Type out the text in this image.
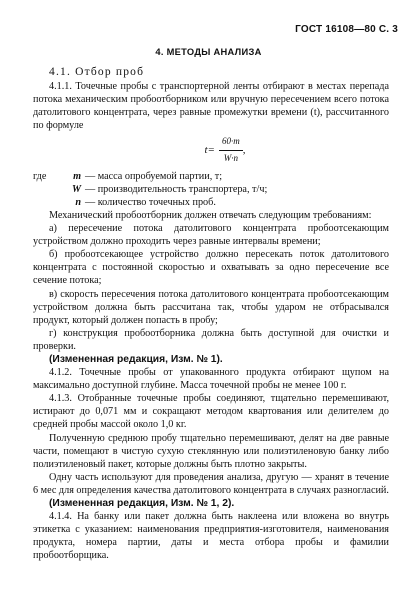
ГОСТ 16108—80 С. 3
4. МЕТОДЫ АНАЛИЗА

4.1. Отбор проб

4.1.1. Точечные пробы с транспортерной ленты отбирают в местах перепада потока механическим пробоотборником или вручную пересечением всего потока датолитового концентрата, через равные промежутки времени (t), рассчитанного по формуле

$t= \frac{60\cdot m}{W\cdot n}$ ,
где	m — масса опробуемой партии, т;
W — производительность транспортера, т/ч;
n — количество точечных проб.

Механический пробоотборник должен отвечать следующим требованиям:

а) пересечение потока датолитового концентрата пробоотсекающим устройством должно проходить через равные интервалы времени;

б) пробоотсекающее устройство должно пересекать поток датолитового концентрата с постоянной скоростью и охватывать за одно пересечение все сечение потока;

в) скорость пересечения потока датолитового концентрата пробоотсекающим устройством должна быть рассчитана так, чтобы ударом не отбрасывался продукт, который должен попасть в пробу;

г) конструкция пробоотборника должна быть доступной для очистки и проверки.

(Измененная редакция, Изм. № 1).

4.1.2. Точечные пробы от упакованного продукта отбирают щупом на максимально доступной глубине. Масса точечной пробы не менее 100 г.

4.1.3. Отобранные точечные пробы соединяют, тщательно перемешивают, истирают до 0,071 мм и сокращают методом квартования или делителем до средней пробы массой около 1,0 кг.

Полученную среднюю пробу тщательно перемешивают, делят на две равные части, помещают в чистую сухую стеклянную или полиэтиленовую банку либо полиэтиленовый пакет, которые должны быть плотно закрыты.

Одну часть используют для проведения анализа, другую — хранят в течение 6 мес для определения качества датолитового концентрата в случаях разногласий.

(Измененная редакция, Изм. № 1, 2).

4.1.4. На банку или пакет должна быть наклеена или вложена во внутрь этикетка с указанием: наименования предприятия-изготовителя, наименования продукта, номера партии, даты и места отбора пробы и фамилии пробоотборщика.
